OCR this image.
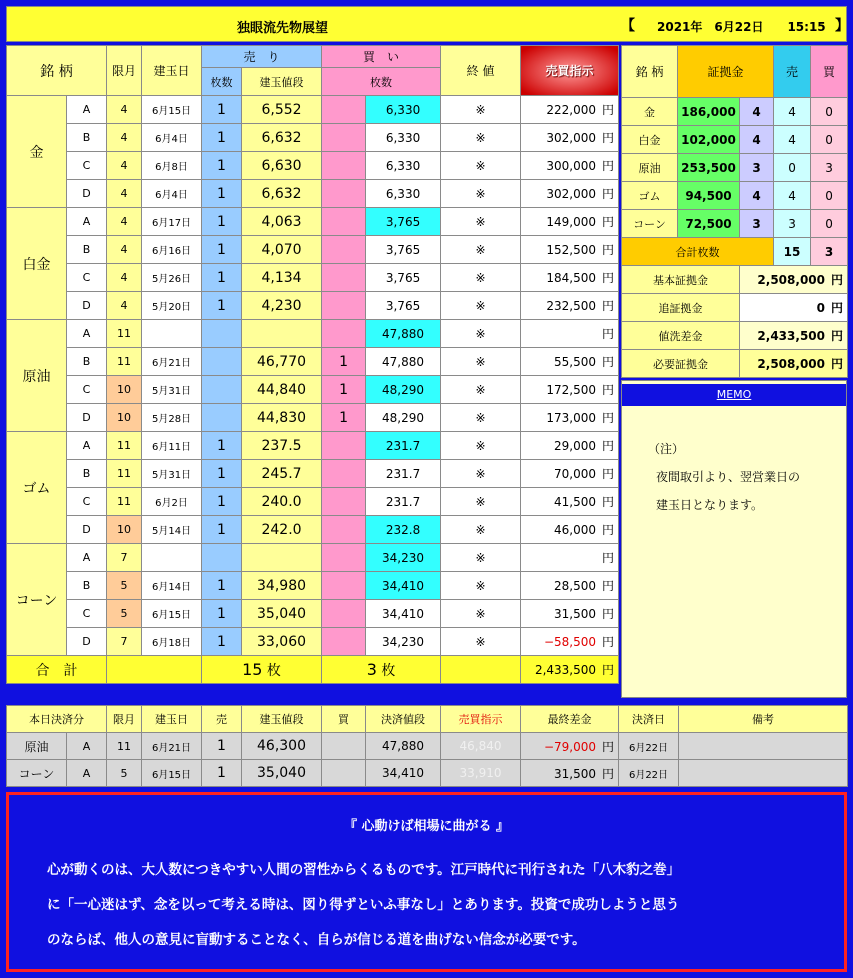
独眼流先物展望	【 2021年　6月22日　　15:15 】
銘 柄		限月	建玉日	売　り		買　い		終 値	売買指示	
				枚数	建玉値段	枚数				
金	A	4	6月15日	1	6,552		6,330	※	222,000 円	
	B	4	6月4日	1	6,632		6,330	※	302,000 円	
	C	4	6月8日	1	6,630		6,330	※	300,000 円	
	D	4	6月4日	1	6,632		6,330	※	302,000 円	
白金	A	4	6月17日	1	4,063		3,765	※	149,000 円	
	B	4	6月16日	1	4,070		3,765	※	152,500 円	
	C	4	5月26日	1	4,134		3,765	※	184,500 円	
	D	4	5月20日	1	4,230		3,765	※	232,500 円	
原油	A	11					47,880	※	円	
	B	11	6月21日		46,770	1	47,880	※	55,500 円	
	C	10	5月31日		44,840	1	48,290	※	172,500 円	
	D	10	5月28日		44,830	1	48,290	※	173,000 円	
ゴム	A	11	6月11日	1	237.5		231.7	※	29,000 円	
	B	11	5月31日	1	245.7		231.7	※	70,000 円	
	C	11	6月2日	1	240.0		231.7	※	41,500 円	
	D	10	5月14日	1	242.0		232.8	※	46,000 円	
コーン	A	7					34,230	※	円	
	B	5	6月14日	1	34,980		34,410	※	28,500 円	
	C	5	6月15日	1	35,040		34,410	※	31,500 円	
	D	7	6月18日	1	33,060		34,230	※	−58,500 円	
合　計				15 枚		3 枚			2,433,500 円	
銘 柄	証拠金		売	買
金	186,000	4	4	0
白金	102,000	4	4	0
原油	253,500	3	0	3
ゴム	94,500	4	4	0
コーン	72,500	3	3	0
合計枚数			15	3
基本証拠金		2,508,000 円		
追証拠金		0 円		
値洗差金		2,433,500 円		
必要証拠金		2,508,000 円		
MEMO
（注）
夜間取引より、翌営業日の
建玉日となります。
本日決済分		限月	建玉日	売	建玉値段	買	決済値段	売買指示	最終差金	決済日	備考
原油	A	11	6月21日	1	46,300		47,880	46,840	−79,000 円	6月22日	
コーン	A	5	6月15日	1	35,040		34,410	33,910	31,500 円	6月22日	
『 心動けば相場に曲がる 』
心が動くのは、大人数につきやすい人間の習性からくるものです。江戸時代に刊行された「八木豹之巻」
に「一心迷はず、念を以って考える時は、図り得ずといふ事なし」とあります。投資で成功しようと思う
のならば、他人の意見に盲動することなく、自らが信じる道を曲げない信念が必要です。
